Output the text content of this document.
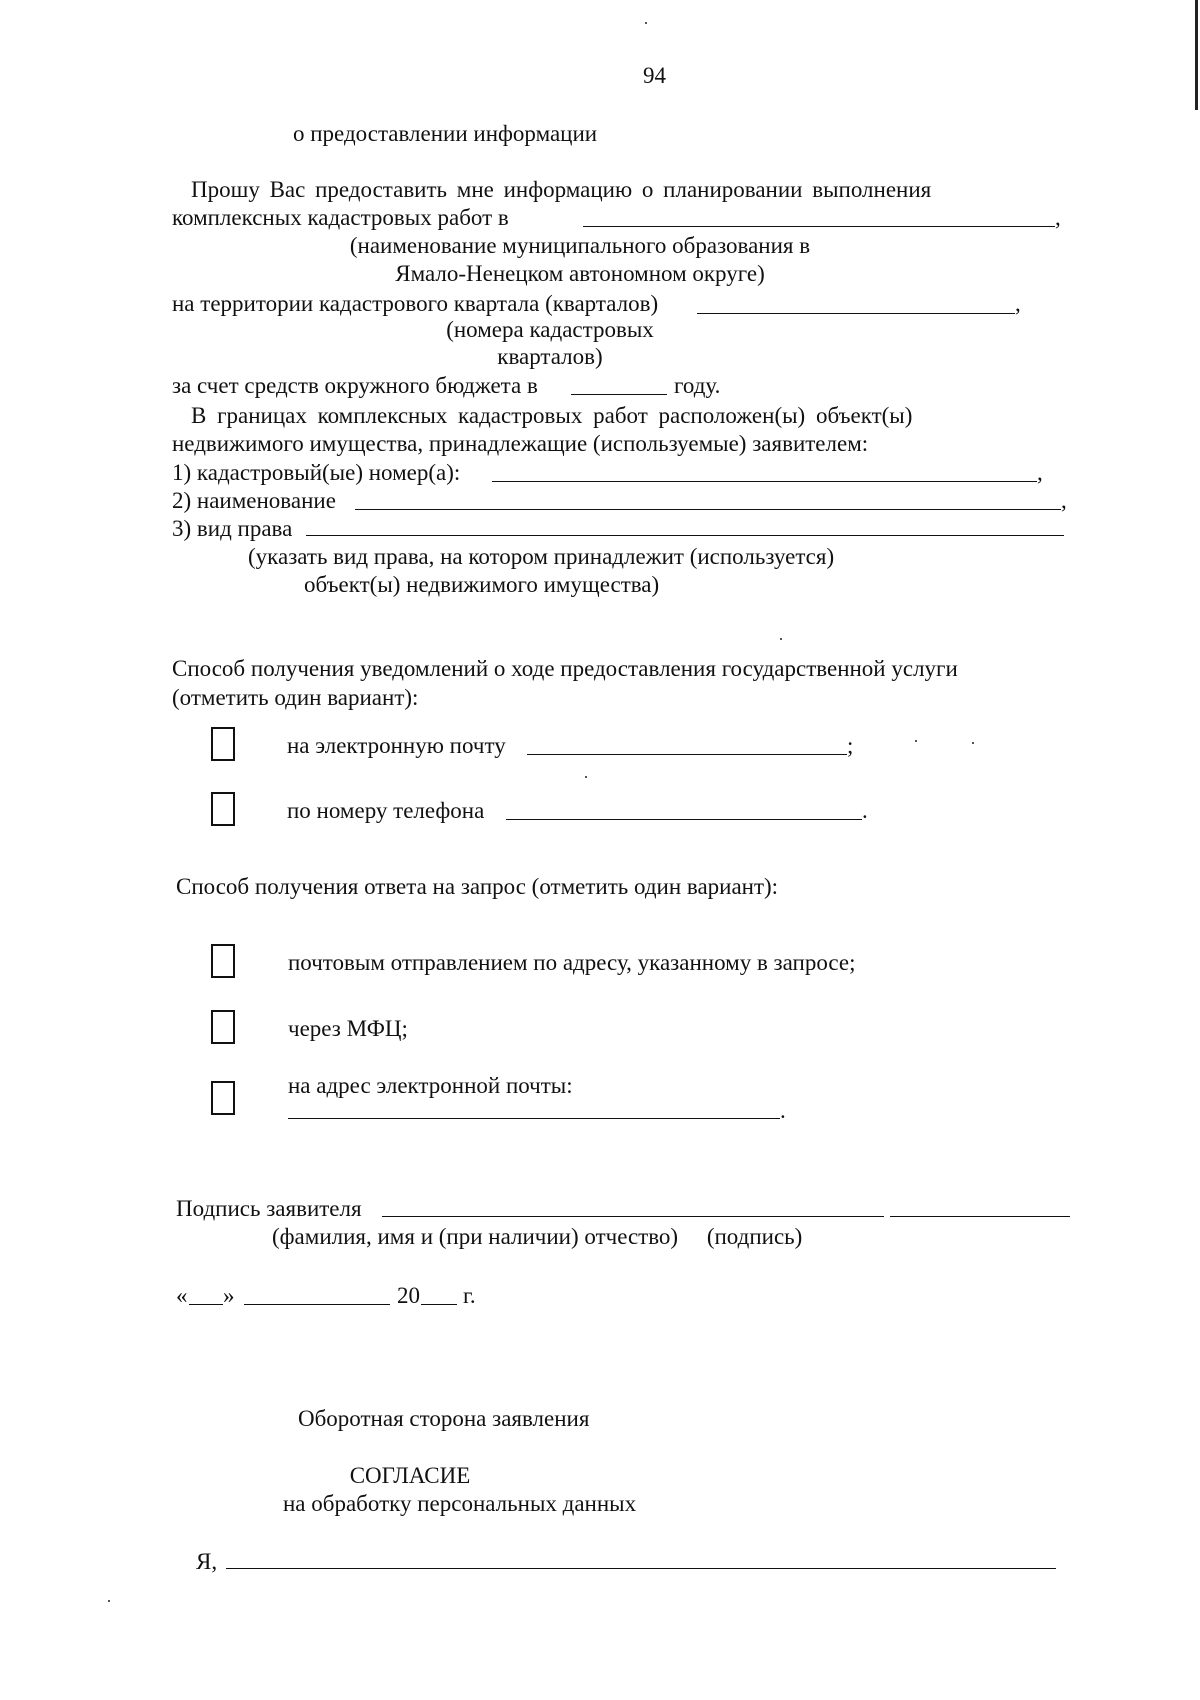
94
о предоставлении информации
Прошу Вас предоставить мне информацию о планировании выполнения
комплексных кадастровых работ в	,
(наименование муниципального образования в
Ямало-Ненецком автономном округе)
на территории кадастрового квартала (кварталов)	,
(номера кадастровых
кварталов)
за счет средств окружного бюджета в	году.
В границах комплексных кадастровых работ расположен(ы) объект(ы)
недвижимого имущества, принадлежащие (используемые) заявителем:
1) кадастровый(ые) номер(а):	,
2) наименование	,
3) вид права
(указать вид права, на котором принадлежит (используется)
объект(ы) недвижимого имущества)
Способ получения уведомлений о ходе предоставления государственной услуги
(отметить один вариант):
на электронную почту	;
по номеру телефона	.
Способ получения ответа на запрос (отметить один вариант):
почтовым отправлением по адресу, указанному в запросе;
через МФЦ;
на адрес электронной почты:
.
Подпись заявителя
(фамилия, имя и (при наличии) отчество)     (подпись)
« »	20 г.
Оборотная сторона заявления
СОГЛАСИЕ
на обработку персональных данных
Я,
